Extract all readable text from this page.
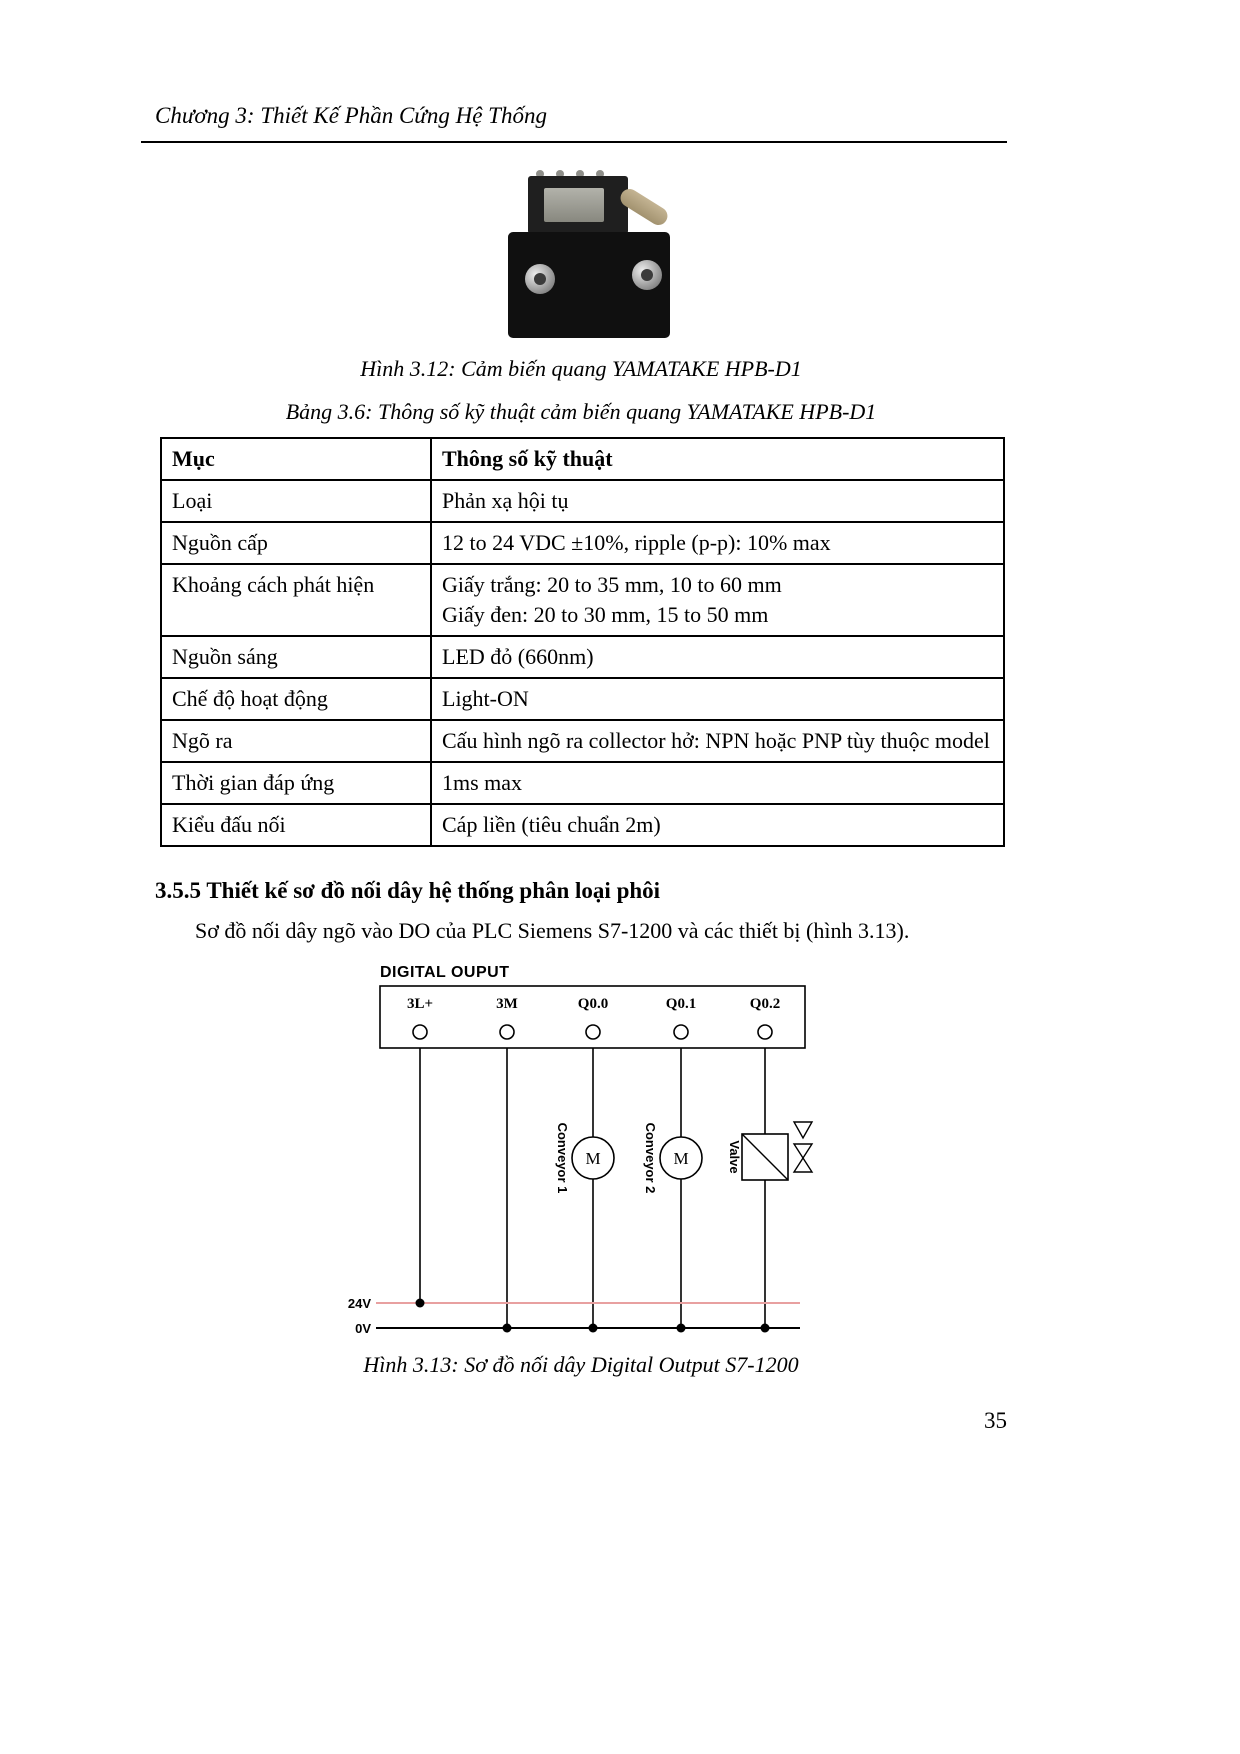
Chương 3: Thiết Kế Phần Cứng Hệ Thống
Hình 3.12: Cảm biến quang YAMATAKE HPB-D1
Bảng 3.6: Thông số kỹ thuật cảm biến quang YAMATAKE HPB-D1
Mục	Thông số kỹ thuật
Loại	Phản xạ hội tụ
Nguồn cấp	12 to 24 VDC ±10%, ripple (p-p): 10% max
Khoảng cách phát hiện	Giấy trắng: 20 to 35 mm, 10 to 60 mm
Giấy đen: 20 to 30 mm, 15 to 50 mm

Nguồn sáng	LED đỏ (660nm)
Chế độ hoạt động	Light-ON
Ngõ ra	Cấu hình ngõ ra collector hở: NPN hoặc PNP tùy thuộc model
Thời gian đáp ứng	1ms max
Kiểu đấu nối	Cáp liền (tiêu chuẩn 2m)
3.5.5 Thiết kế sơ đồ nối dây hệ thống phân loại phôi
Sơ đồ nối dây ngõ vào DO của PLC Siemens S7-1200 và các thiết bị (hình 3.13).
DIGITAL OUPUT
3L+	3M	Q0.0	Q0.1	Q0.2
M	M
Conveyor 1	Conveyor 2	Valve
24V
0V
Hình 3.13: Sơ đồ nối dây Digital Output S7-1200
35
